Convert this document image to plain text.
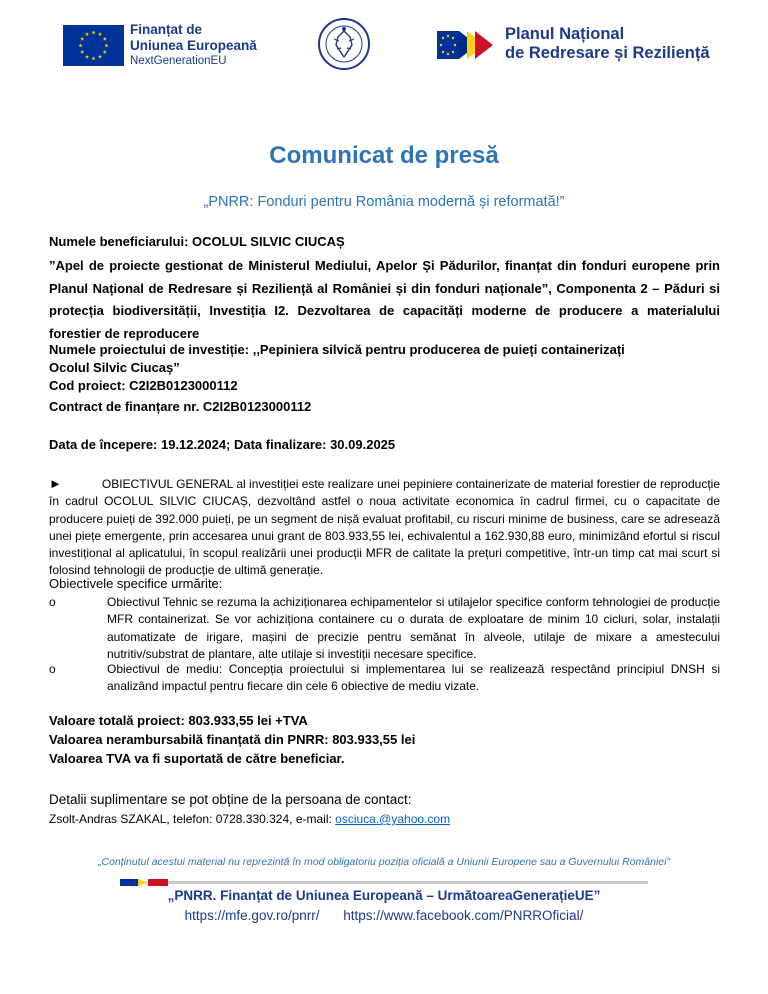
Finanțat de
Uniunea Europeană
NextGenerationEU
Planul Național
de Redresare și Reziliență
Comunicat de presă
„PNRR: Fonduri pentru România modernă și reformată!”
Numele beneficiarului: OCOLUL SILVIC CIUCAȘ
”Apel de proiecte gestionat de Ministerul Mediului, Apelor Și Pădurilor, finanțat din fonduri europene prin Planul Național de Redresare și Reziliență al României și din fonduri naționale”, Componenta 2 – Păduri si protecția biodiversității, Investiția I2. Dezvoltarea de capacități moderne de producere a materialului forestier de reproducere
Numele proiectului de investiție: ,,Pepiniera silvică pentru producerea de puieți containerizați
Ocolul Silvic Ciucaș”
Cod proiect: C2I2B0123000112
Contract de finanțare nr. C2I2B0123000112
Data de începere: 19.12.2024; Data finalizare: 30.09.2025
►	OBIECTIVUL GENERAL al investiției este realizare unei pepiniere containerizate de material forestier de reproducție în cadrul OCOLUL SILVIC CIUCAȘ, dezvoltând astfel o noua activitate economica în cadrul firmei, cu o capacitate de producere puieți de 392.000 puieți, pe un segment de nișă evaluat profitabil, cu riscuri minime de business, care se adresează unei piețe emergente, prin accesarea unui grant de 803.933,55 lei, echivalentul a 162.930,88 euro, minimizând efortul si riscul investițional al aplicatului, în scopul realizării unei producții MFR de calitate la prețuri competitive, într-un timp cat mai scurt si folosind tehnologii de producție de ultimă generație.
Obiectivele specifice urmărite:
o	Obiectivul Tehnic se rezuma la achiziționarea echipamentelor si utilajelor specifice conform tehnologiei de producție MFR containerizat. Se vor achiziționa containere cu o durata de exploatare de minim 10 cicluri, solar, instalații automatizate de irigare, mașini de precizie pentru semănat în alveole, utilaje de mixare a amestecului nutritiv/substrat de plantare, alte utilaje si investiții necesare specifice.
o	Obiectivul de mediu: Concepția proiectului si implementarea lui se realizează respectând principiul DNSH si analizând impactul pentru fiecare din cele 6 obiective de mediu vizate.
Valoare totală proiect: 803.933,55 lei +TVA
Valoarea nerambursabilă finanțată din PNRR: 803.933,55 lei
Valoarea TVA va fi suportată de către beneficiar.
Detalii suplimentare se pot obține de la persoana de contact:
Zsolt-Andras SZAKAL, telefon: 0728.330.324, e-mail: osciuca.@yahoo.com
„Conținutul acestui material nu reprezintă în mod obligatoriu poziția oficială a Uniunii Europene sau a Guvernului României”
„PNRR. Finanțat de Uniunea Europeană – UrmătoareaGenerațieUE”
https://mfe.gov.ro/pnrr/ https://www.facebook.com/PNRROficial/
